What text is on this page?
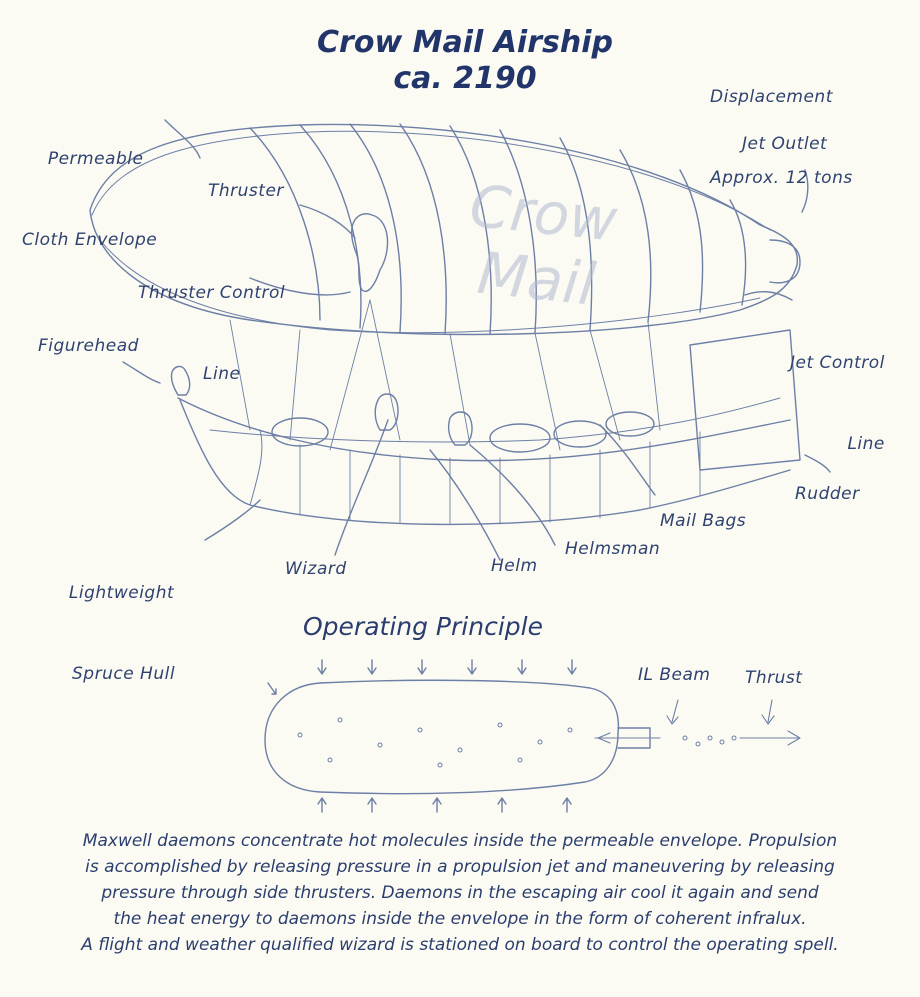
Crow Mail Airship
ca. 2190

Displacement

Approx. 12 tons

Permeable

Cloth Envelope

Thruster

Thruster Control

Line

Jet Outlet

Jet Control

Line

Figurehead
Rudder
Mail Bags
Helmsman
Helm
Wizard

Lightweight

Spruce Hull

Crow Mail
Operating Principle
IL Beam Thrust
Maxwell daemons concentrate hot molecules inside the permeable envelope. Propulsion
is accomplished by releasing pressure in a propulsion jet and maneuvering by releasing
pressure through side thrusters. Daemons in the escaping air cool it again and send
the heat energy to daemons inside the envelope in the form of coherent infralux.
A flight and weather qualified wizard is stationed on board to control the operating spell.
